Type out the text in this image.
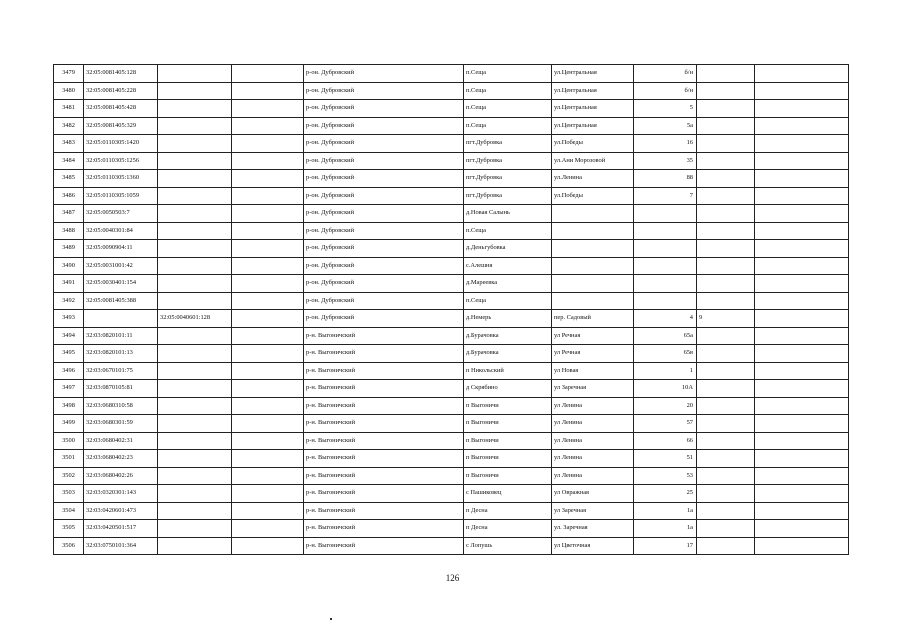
3479	32:05:0081405:128			р-он. Дубровский	п.Сеща	ул.Центральная	б/н		
3480	32:05:0081405:228			р-он. Дубровский	п.Сеща	ул.Центральная	б/н		
3481	32:05:0081405:428			р-он. Дубровский	п.Сеща	ул.Центральная	5		
3482	32:05:0081405:329			р-он. Дубровский	п.Сеща	ул.Центральная	5а		
3483	32:05:0110305:1420			р-он. Дубровский	пгт.Дубровка	ул.Победы	16		
3484	32:05:0110305:1256			р-он. Дубровский	пгт.Дубровка	ул.Ани Морозовой	35		
3485	32:05:0110305:1360			р-он. Дубровский	пгт.Дубровка	ул.Ленина	88		
3486	32:05:0110305:1059			р-он. Дубровский	пгт.Дубровка	ул.Победы	7		
3487	32:05:0050503:7			р-он. Дубровский	д.Новая Салынь				
3488	32:05:0040301:84			р-он. Дубровский	п.Сеща				
3489	32:05:0090904:11			р-он. Дубровский	д.Деньгубовка				
3490	32:05:0031001:42			р-он. Дубровский	с.Алешня				
3491	32:05:0030401:154			р-он. Дубровский	д.Мареевка				
3492	32:05:0081405:388			р-он. Дубровский	п.Сеща				
3493		32:05:0040601:128		р-он. Дубровский	д.Немерь	пер. Садовый	4	9	
3494	32:03:0820101:11			р-н. Выгоничский	д.Бурачовка	ул Речная	65а		
3495	32:03:0820101:13			р-н. Выгоничский	д.Бурачовка	ул Речная	65в		
3496	32:03:0670101:75			р-н. Выгоничский	п Никольский	ул Новая	1		
3497	32:03:0870105:81			р-н. Выгоничский	д Скрябино	ул Заречная	10А		
3498	32:03:0680310:58			р-н. Выгоничский	п Выгоничи	ул Ленина	20		
3499	32:03:0680301:59			р-н. Выгоничский	п Выгоничи	ул Ленина	57		
3500	32:03:0680402:31			р-н. Выгоничский	п Выгоничи	ул Ленина	66		
3501	32:03:0680402:23			р-н. Выгоничский	п Выгоничи	ул Ленина	51		
3502	32:03:0680402:26			р-н. Выгоничский	п Выгоничи	ул Ленина	53		
3503	32:03:0320301:143			р-н. Выгоничский	с Пашиковец	ул Овражная	25		
3504	32:03:0420601:473			р-н. Выгоничский	п Десна	ул Заречная	1а		
3505	32:03:0420501:517			р-н. Выгоничский	п Десна	ул. Заречная	1а		
3506	32:03:0750101:364			р-н. Выгоничский	с Лопушь	ул Цветочная	17		
126
